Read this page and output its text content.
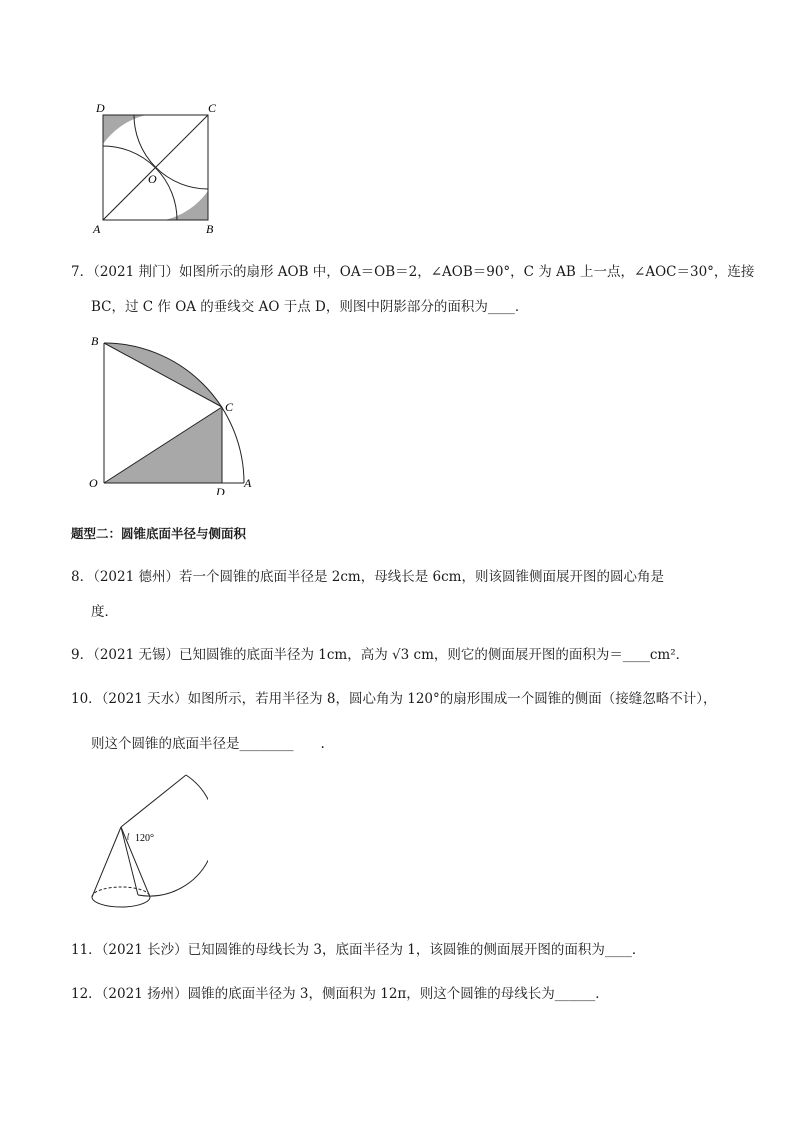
D	C
O
A	B
7．（2021 荆门）如图所示的扇形 AOB 中，OA＝OB＝2，∠AOB＝90°，C 为 AB 上一点，∠AOC＝30°，连接
BC，过 C 作 OA 的垂线交 AO 于点 D，则图中阴影部分的面积为____．
B
C
O
D
A
题型二：圆锥底面半径与侧面积
8．（2021 德州）若一个圆锥的底面半径是 2cm，母线长是 6cm，则该圆锥侧面展开图的圆心角是
度．
9．（2021 无锡）已知圆锥的底面半径为 1cm，高为 √3 cm，则它的侧面展开图的面积为＝____cm²．
10．（2021 天水）如图所示，若用半径为 8，圆心角为 120°的扇形围成一个圆锥的侧面（接缝忽略不计），
则这个圆锥的底面半径是________　　.
120°
11．（2021 长沙）已知圆锥的母线长为 3，底面半径为 1，该圆锥的侧面展开图的面积为____．
12．（2021 扬州）圆锥的底面半径为 3，侧面积为 12π，则这个圆锥的母线长为______．
